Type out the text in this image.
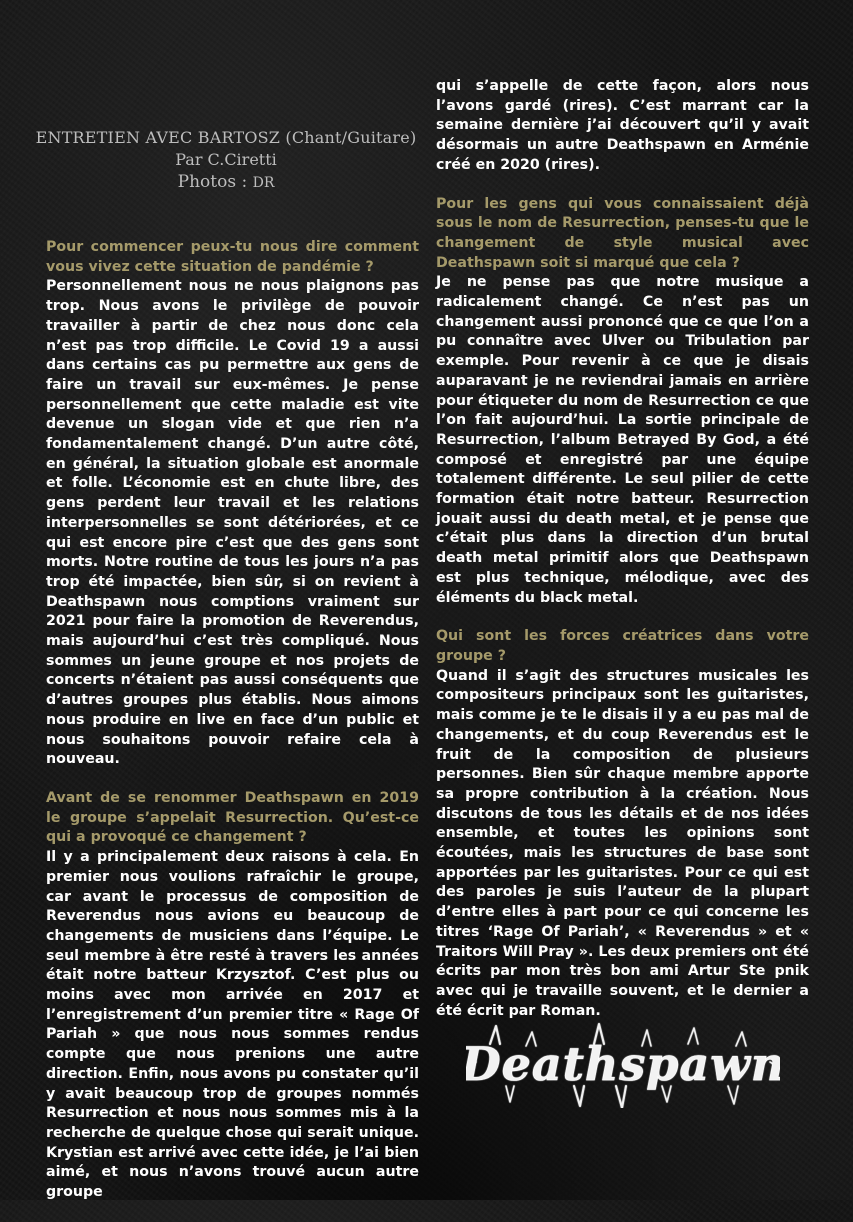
ENTRETIEN AVEC BARTOSZ (Chant/Guitare)
Par C.Ciretti
Photos : DR

Pour commencer peux-tu nous dire comment vous vivez cette situation de pandémie ?

Personnellement nous ne nous plaignons pas trop. Nous avons le privilège de pouvoir travailler à partir de chez nous donc cela n’est pas trop difficile. Le Covid 19 a aussi dans certains cas pu permettre aux gens de faire un travail sur eux-mêmes. Je pense personnellement que cette maladie est vite devenue un slogan vide et que rien n’a fondamentalement changé. D’un autre côté, en général, la situation globale est anormale et folle. L’économie est en chute libre, des gens perdent leur travail et les relations interpersonnelles se sont détériorées, et ce qui est encore pire c’est que des gens sont morts. Notre routine de tous les jours n’a pas trop été impactée, bien sûr, si on revient à Deathspawn nous comptions vraiment sur 2021 pour faire la promotion de Reverendus, mais aujourd’hui c’est très compliqué. Nous sommes un jeune groupe et nos projets de concerts n’étaient pas aussi conséquents que d’autres groupes plus établis. Nous aimons nous produire en live en face d’un public et nous souhaitons pouvoir refaire cela à nouveau.

Avant de se renommer Deathspawn en 2019 le groupe s’appelait Resurrection. Qu’est-ce qui a provoqué ce changement ?

Il y a principalement deux raisons à cela. En premier nous voulions rafraîchir le groupe, car avant le processus de composition de Reverendus nous avions eu beaucoup de changements de musiciens dans l’équipe. Le seul membre à être resté à travers les années était notre batteur Krzysztof. C’est plus ou moins avec mon arrivée en 2017 et l’enregistrement d’un premier titre « Rage Of Pariah » que nous nous sommes rendus compte que nous prenions une autre direction. Enfin, nous avons pu constater qu’il y avait beaucoup trop de groupes nommés Resurrection et nous nous sommes mis à la recherche de quelque chose qui serait unique. Krystian est arrivé avec cette idée, je l’ai bien aimé, et nous n’avons trouvé aucun autre groupe

qui s’appelle de cette façon, alors nous l’avons gardé (rires). C’est marrant car la semaine dernière j’ai découvert qu’il y avait désormais un autre Deathspawn en Arménie créé en 2020 (rires).

Pour les gens qui vous connaissaient déjà sous le nom de Resurrection, penses-tu que le changement de style musical avec Deathspawn soit si marqué que cela ?

Je ne pense pas que notre musique a radicalement changé. Ce n’est pas un changement aussi prononcé que ce que l’on a pu connaître avec Ulver ou Tribulation par exemple. Pour revenir à ce que je disais auparavant je ne reviendrai jamais en arrière pour étiqueter du nom de Resurrection ce que l’on fait aujourd’hui. La sortie principale de Resurrection, l’album Betrayed By God, a été composé et enregistré par une équipe totalement différente. Le seul pilier de cette formation était notre batteur. Resurrection jouait aussi du death metal, et je pense que c’était plus dans la direction d’un brutal death metal primitif alors que Deathspawn est plus technique, mélodique, avec des éléments du black metal.

Qui sont les forces créatrices dans votre groupe ?

Quand il s’agit des structures musicales les compositeurs principaux sont les guitaristes, mais comme je te le disais il y a eu pas mal de changements, et du coup Reverendus est le fruit de la composition de plusieurs personnes. Bien sûr chaque membre apporte sa propre contribution à la création. Nous discutons de tous les détails et de nos idées ensemble, et toutes les opinions sont écoutées, mais les structures de base sont apportées par les guitaristes. Pour ce qui est des paroles je suis l’auteur de la plupart d’entre elles à part pour ce qui concerne les titres ‘Rage Of Pariah’, « Reverendus » et « Traitors Will Pray ». Les deux premiers ont été écrits par mon très bon ami Artur Ste pnik avec qui je travaille souvent, et le dernier a été écrit par Roman.

Deathspawn
